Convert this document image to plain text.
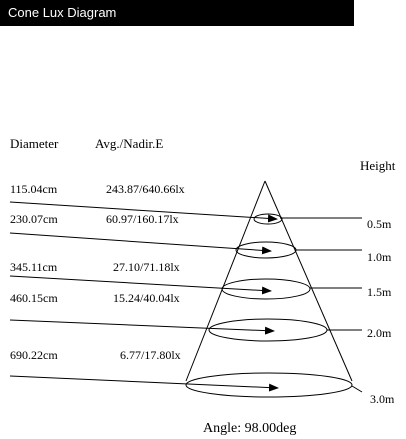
Cone Lux Diagram
Diameter	Avg./Nadir.E
Height
115.04cm
230.07cm
345.11cm
460.15cm
690.22cm
243.87/640.66lx
60.97/160.17lx
27.10/71.18lx
15.24/40.04lx
6.77/17.80lx
0.5m
1.0m
1.5m
2.0m
3.0m
Angle: 98.00deg
